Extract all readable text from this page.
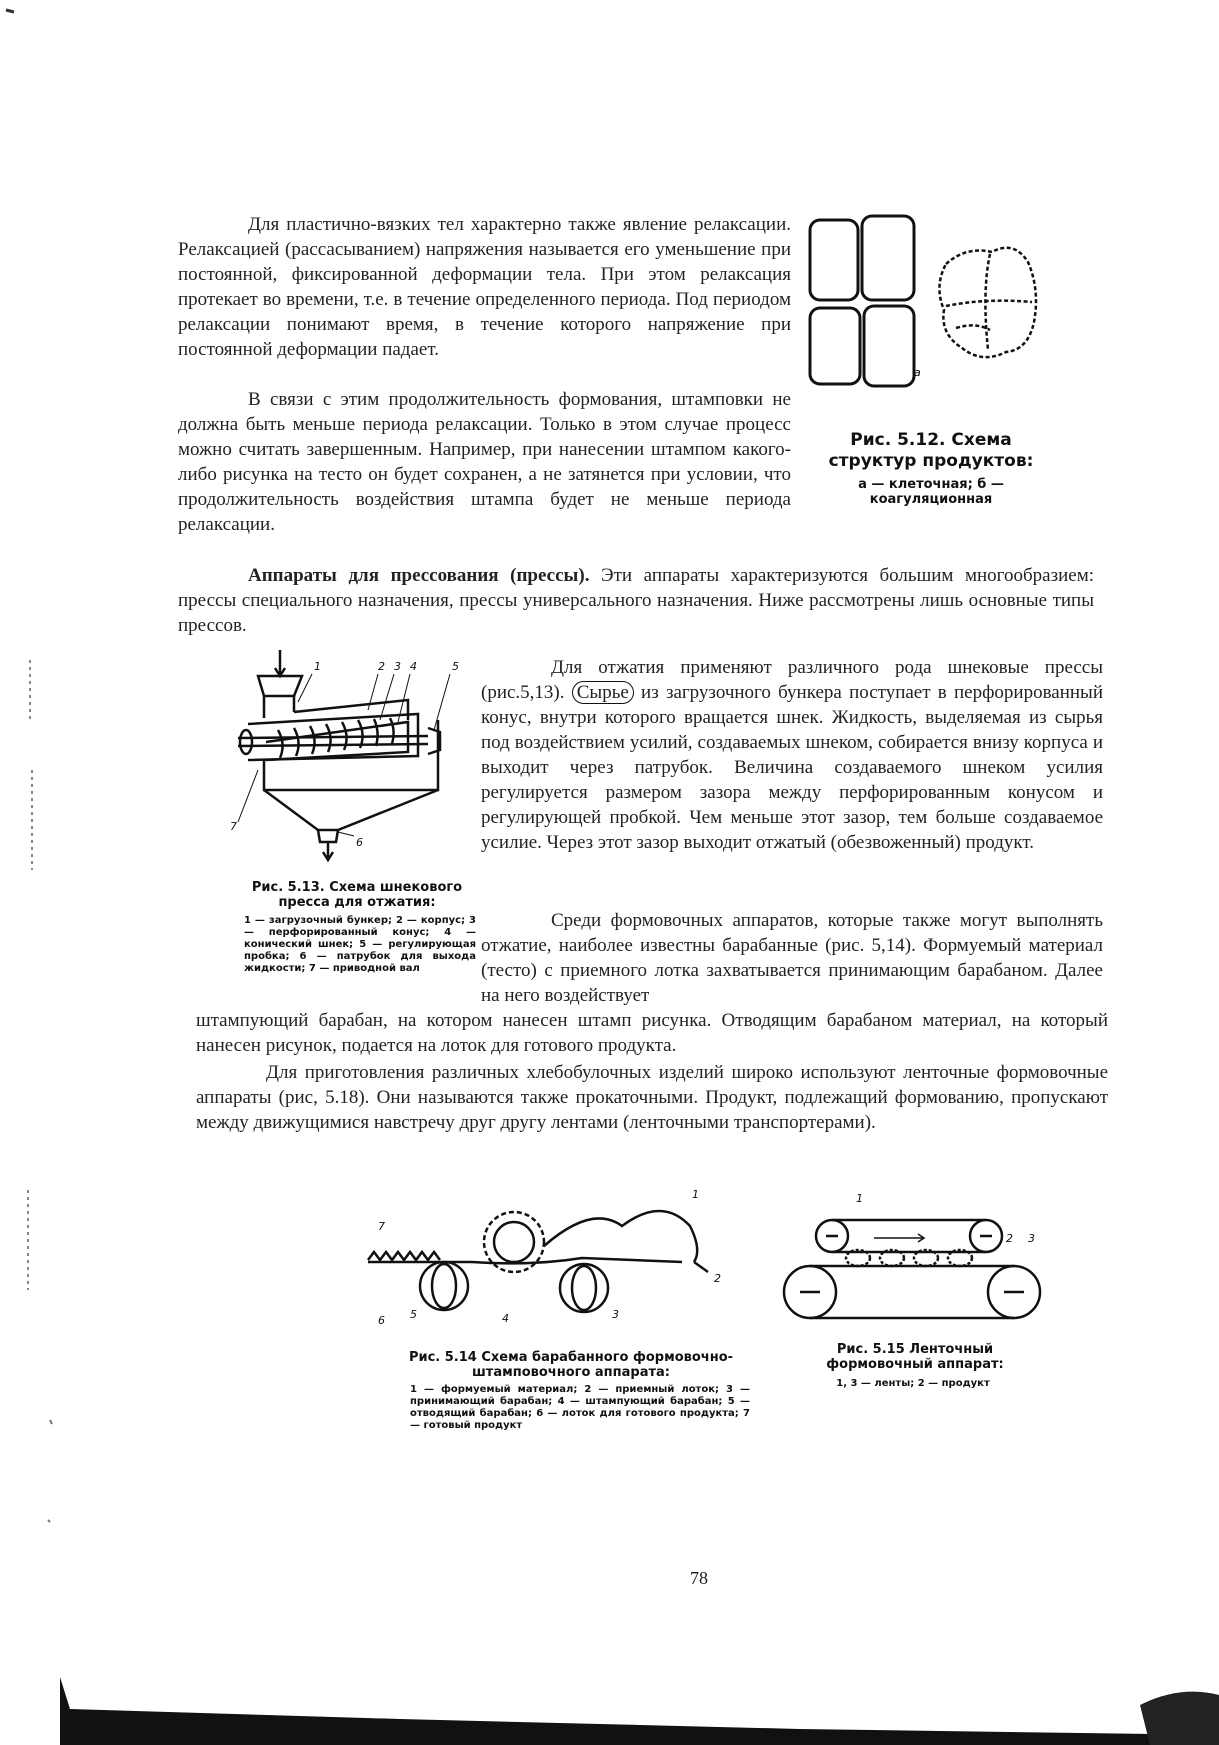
Для пластично-вязких тел характерно также явление релаксации. Релаксацией (рассасыванием) напряжения называется его уменьшение при постоянной, фиксированной деформации тела. При этом релаксация протекает во времени, т.е. в течение определенного периода. Под периодом релаксации понимают время, в течение которого напряжение при постоянной деформации падает.

В связи с этим продолжительность формования, штамповки не должна быть меньше периода релаксации. Только в этом случае процесс можно считать завершенным. Например, при нанесении штампом какого-либо рисунка на тесто он будет сохранен, а не затянется при условии, что продолжительность воздействия штампа будет не меньше периода релаксации.

а

Рис. 5.12. Схема структур продуктов:

а — клеточная; б — коагуляционная

Аппараты для прессования (прессы). Эти аппараты характеризуются большим многообразием: прессы специального назначения, прессы универсального назначения. Ниже рассмотрены лишь основные типы прессов.

1	2 3 4	5
6
7

Рис. 5.13. Схема шнекового пресса для отжатия:

1 — загрузочный бункер; 2 — корпус; 3 — перфорированный конус; 4 — конический шнек; 5 — регулирующая пробка; 6 — патрубок для выхода жидкости; 7 — приводной вал

Для отжатия применяют различного рода шнековые прессы (рис.5,13). Сырье из загрузочного бункера поступает в перфорированный конус, внутри которого вращается шнек. Жидкость, выделяемая из сырья под воздействием усилий, создаваемых шнеком, собирается внизу корпуса и выходит через патрубок. Величина создаваемого шнеком усилия регулируется размером зазора между перфорированным конусом и регулирующей пробкой. Чем меньше этот зазор, тем больше создаваемое усилие. Через этот зазор выходит отжатый (обезвоженный) продукт.

Среди формовочных аппаратов, которые также могут выполнять отжатие, наиболее известны барабанные (рис. 5,14). Формуемый материал (тесто) с приемного лотка захватывается принимающим барабаном. Далее на него воздействует

штампующий барабан, на котором нанесен штамп рисунка. Отводящим барабаном материал, на который нанесен рисунок, подается на лоток для готового продукта.

Для приготовления различных хлебобулочных изделий широко используют ленточные формовочные аппараты (рис, 5.18). Они называются также прокаточными. Продукт, подлежащий формованию, пропускают между движущимися навстречу друг другу лентами (ленточными транспортерами).

1
2
3
4
5
6
7

Рис. 5.14 Схема барабанного формовочно-штамповочного аппарата:

1 — формуемый материал; 2 — приемный лоток; 3 — принимающий барабан; 4 — штампующий барабан; 5 — отводящий барабан; 6 — лоток для готового продукта; 7 — готовый продукт

1
2 3

Рис. 5.15 Ленточный формовочный аппарат:

1, 3 — ленты; 2 — продукт

78
